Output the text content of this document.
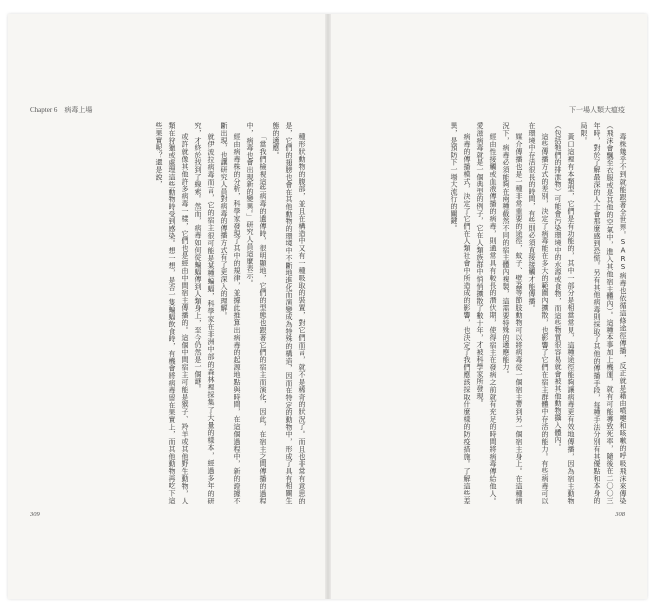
Chapter 6　病毒上場

種形狀動物的腹部，並且在構造中又有一種吸取的裝置，對它們而言，就不是稀奇的狀況了。而且也非常有意思的是，它們的翅膀也會在其他動物的環境中不斷地進化而演變成為特殊的構造，因而在特定的動物中，形成了具有相關生態的適應。

「當我們檢視這些病毒的遺傳時，很明顯地，它們的型態也跟著它們的宿主而演化，因此，在宿主之間傳播的過程中，病毒也會出現新的變異。」研究人員這麼表示。

經由病毒株的分析，科學家發現了其中的規律，並據此推算出病毒的起源地點與時間，在這個過程中，新的證據不斷出現，也讓研究人員對病毒的傳播方式有了更深入的理解。

就伊波拉病毒而言，它的宿主很可能是某種蝙蝠，科學家在非洲中部的森林裡採集了大量的樣本，經過多年的研究，才終於找到了線索。然而，病毒如何從蝙蝠傳到人類身上，至今仍然是一個謎。

或許就像其他許多病毒一樣，它們也是經由中間宿主傳播的。這個中間宿主可能是猴子、羚羊或其他野生動物，人類在狩獵或處理這些動物時受到感染。想一想，是否一隻蝙蝠飲食時，有機會將病毒留在果實上，而其他動物再吃下這些果實呢？還是說，

309
下一場人類大瘟疫

毒株幾乎不到就能跟著全世界。SARS病毒也依循這條途徑傳播，反正就是藉由噴嚏和咳嗽的呼吸飛沫來傳染（飛沫會飄至衣服或是其他的空氣中，進入其他宿主體內）。這種本事加上機運，就有可能導致死率，隨後在二〇〇三年時，對於了解最深的人士會那麼感到恐慌。另有其他病毒則採取了其他的傳播手段，每種手法分別有其優點和本身的局限。

黃口這裡有本類型，它們是有功能的，其中一部分是相當常見，這種途徑能夠讓病毒更有效地傳播，因為宿主動物（包括牠們的排泄物）可能會污染環境中的水源或食物，而這些物質很容易就會被其他動物攝入體內。

這些傳播方式的差別，決定了病毒能在多大的範圍內擴散，也影響了它們在宿主群體中存活的能力。有些病毒可以在環境中存活很長的時間，有些則必須直接接觸才能傳播。

媒介傳播也是一種非常重要的途徑，蚊子、壁蝨等節肢動物可以將病毒從一個宿主帶到另一個宿主身上。在這種情況下，病毒必須能夠在兩種截然不同的宿主體內複製，這需要特殊的適應能力。

經由性接觸或血液傳播的病毒，則通常具有較長的潛伏期，使得宿主在發病之前就有充足的時間將病毒傳給他人。愛滋病毒就是一個典型的例子，它在人類族群中悄悄擴散了數十年，才被科學家所發現。

病毒的傳播模式，決定了它們在人類社會中所造成的影響，也決定了我們應該採取什麼樣的防疫措施。了解這些差異，是預防下一場大流行的關鍵。

308
